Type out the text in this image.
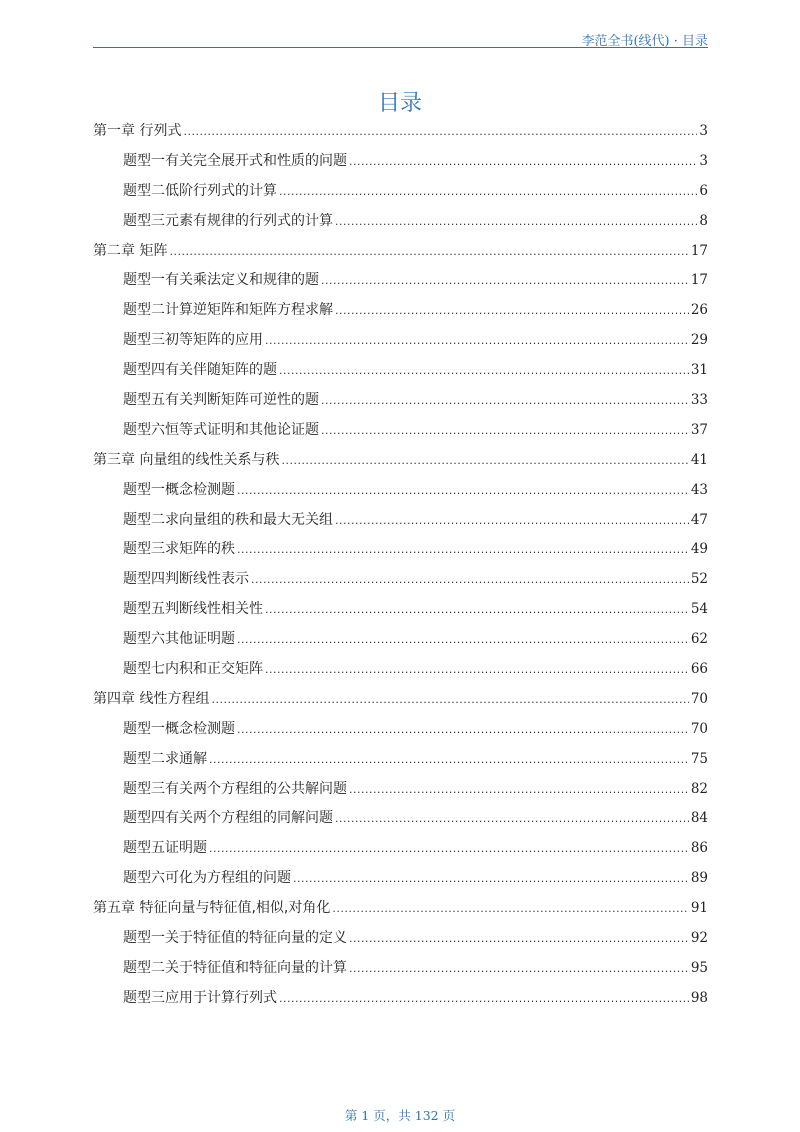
李范全书(线代) · 目录
目录
第一章 行列式 .....	3
题型一有关完全展开式和性质的问题 .....	3
题型二低阶行列式的计算 .....	6
题型三元素有规律的行列式的计算 .....	8
第二章 矩阵 .....	17
题型一有关乘法定义和规律的题 .....	17
题型二计算逆矩阵和矩阵方程求解 .....	26
题型三初等矩阵的应用 .....	29
题型四有关伴随矩阵的题 .....	31
题型五有关判断矩阵可逆性的题 .....	33
题型六恒等式证明和其他论证题 .....	37
第三章 向量组的线性关系与秩 .....	41
题型一概念检测题 .....	43
题型二求向量组的秩和最大无关组 .....	47
题型三求矩阵的秩 .....	49
题型四判断线性表示 .....	52
题型五判断线性相关性 .....	54
题型六其他证明题 .....	62
题型七内积和正交矩阵 .....	66
第四章 线性方程组 .....	70
题型一概念检测题 .....	70
题型二求通解 .....	75
题型三有关两个方程组的公共解问题 .....	82
题型四有关两个方程组的同解问题 .....	84
题型五证明题 .....	86
题型六可化为方程组的问题 .....	89
第五章 特征向量与特征值,相似,对角化 .....	91
题型一关于特征值的特征向量的定义 .....	92
题型二关于特征值和特征向量的计算 .....	95
题型三应用于计算行列式 .....	98
第 1 页，共 132 页
